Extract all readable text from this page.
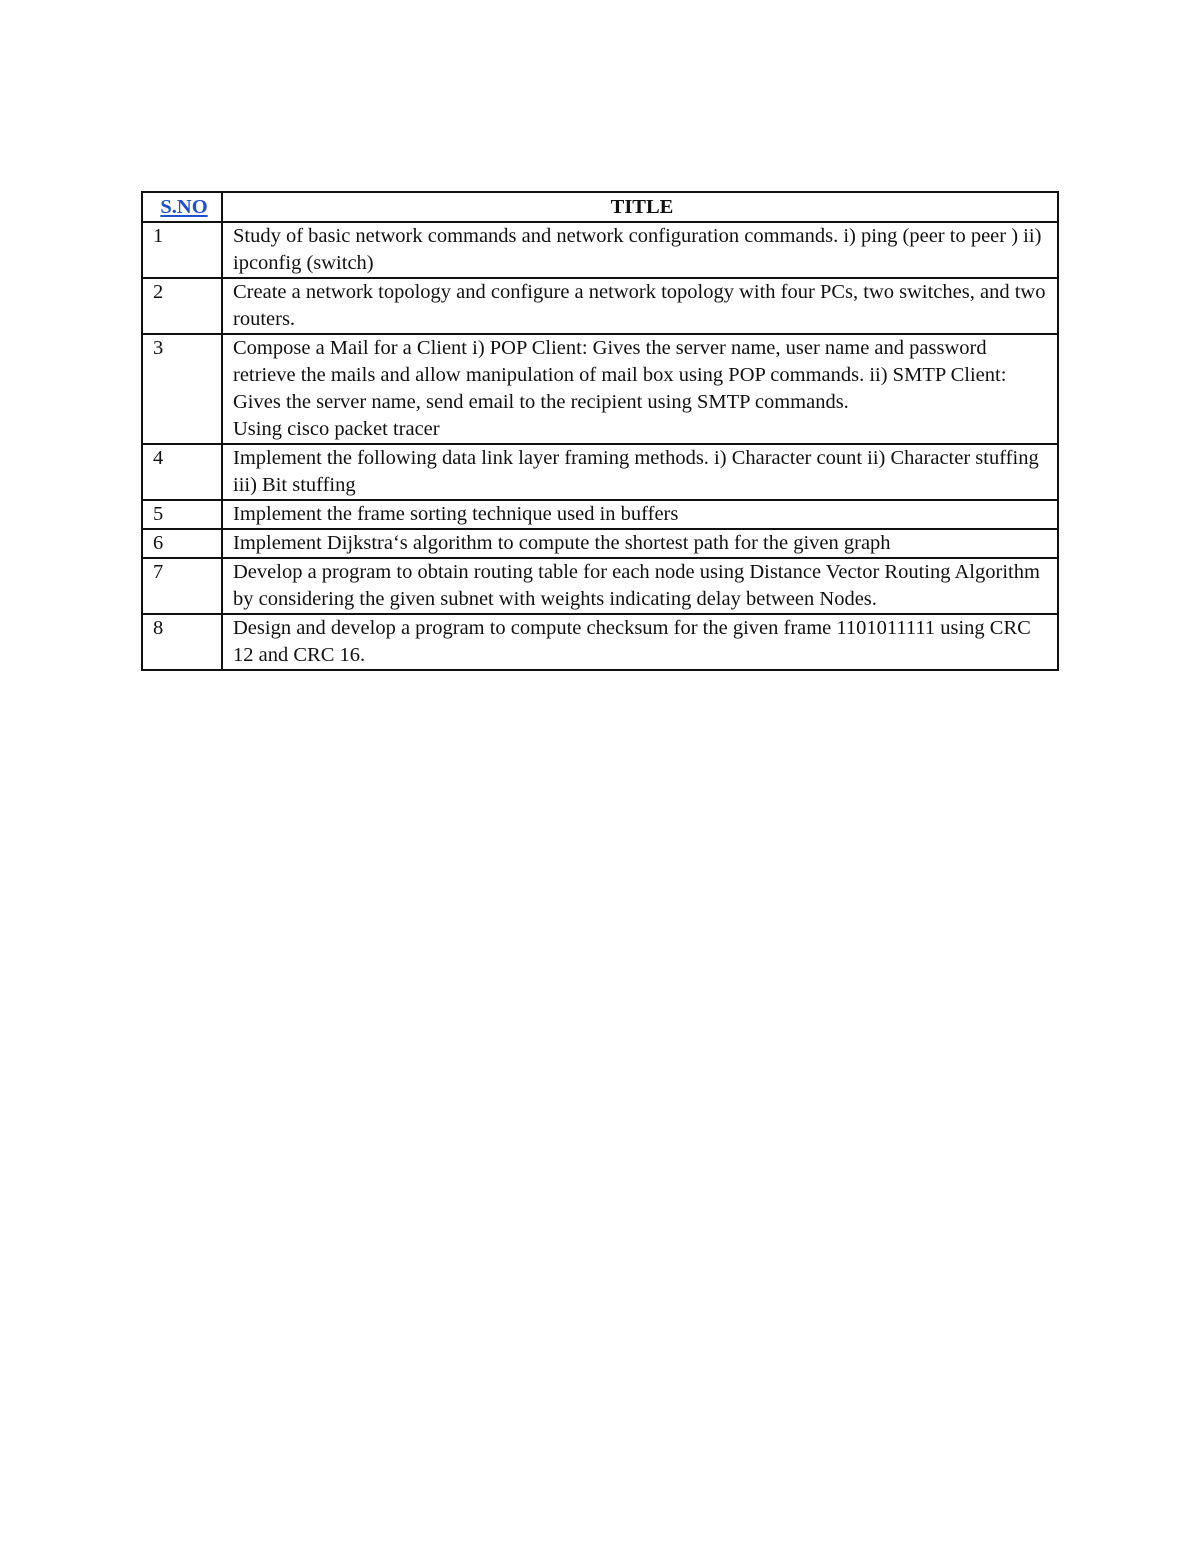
S.NO	TITLE
1	Study of basic network commands and network configuration commands. i) ping (peer to peer ) ii) ipconfig (switch)
2	Create a network topology and configure a network topology with four PCs, two switches, and two routers.
3	Compose a Mail for a Client i) POP Client: Gives the server name, user name and password retrieve the mails and allow manipulation of mail box using POP commands. ii) SMTP Client: Gives the server name, send email to the recipient using SMTP commands.
Using cisco packet tracer
4	Implement the following data link layer framing methods. i) Character count ii) Character stuffing iii) Bit stuffing
5	Implement the frame sorting technique used in buffers
6	Implement Dijkstra‘s algorithm to compute the shortest path for the given graph
7	Develop a program to obtain routing table for each node using Distance Vector Routing Algorithm by considering the given subnet with weights indicating delay between Nodes.
8	Design and develop a program to compute checksum for the given frame 1101011111 using CRC 12 and CRC 16.
